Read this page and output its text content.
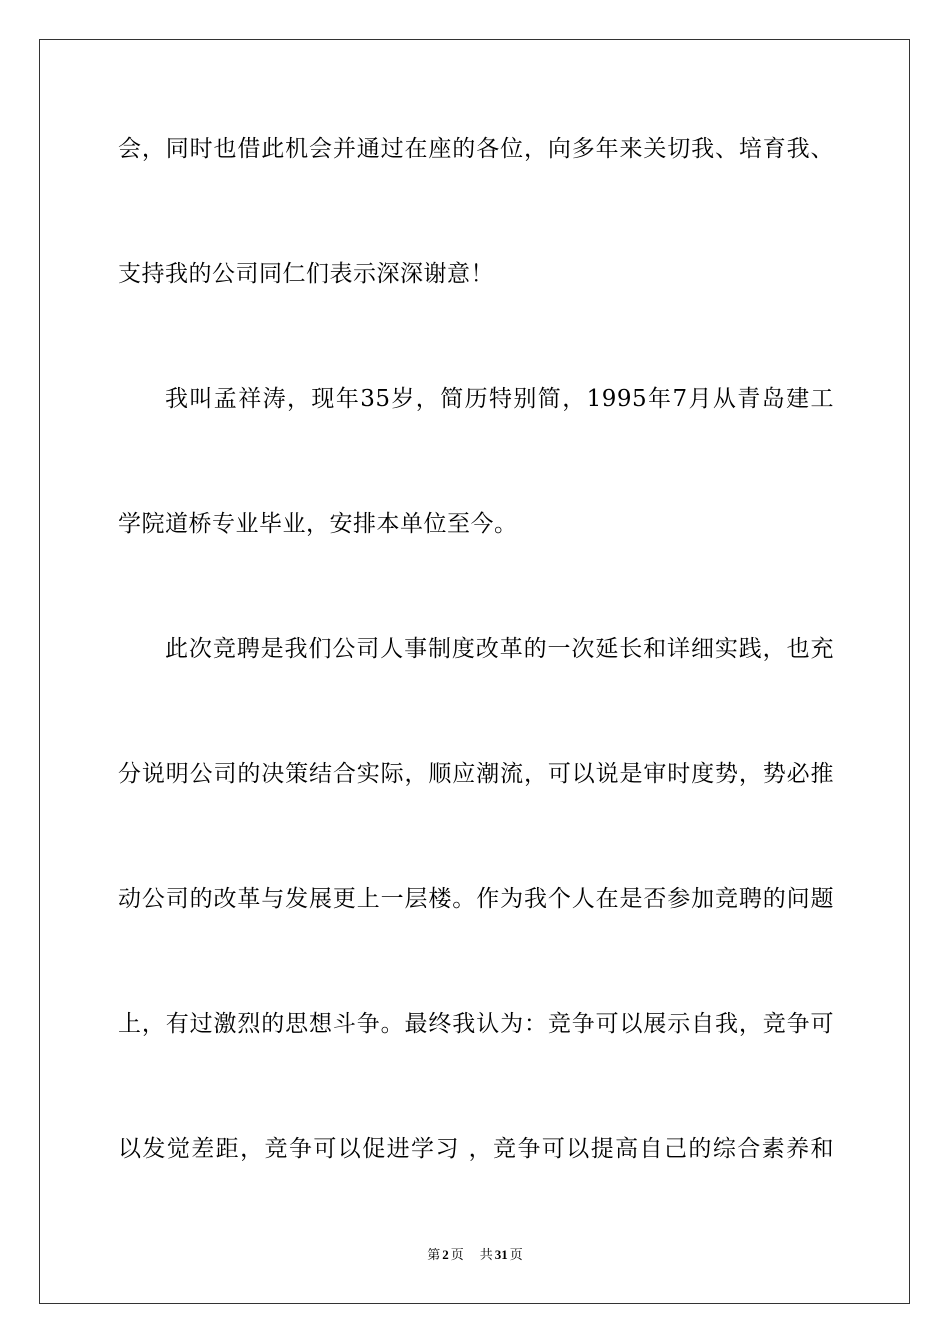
会，同时也借此机会并通过在座的各位，向多年来关切我、培育我、
支持我的公司同仁们表示深深谢意！
我叫孟祥涛，现年35岁，简历特别简，1995年7月从青岛建工
学院道桥专业毕业，安排本单位至今。
此次竞聘是我们公司人事制度改革的一次延长和详细实践，也充
分说明公司的决策结合实际，顺应潮流，可以说是审时度势，势必推
动公司的改革与发展更上一层楼。作为我个人在是否参加竞聘的问题
上，有过激烈的思想斗争。最终我认为：竞争可以展示自我，竞争可
以发觉差距，竞争可以促进学习 ，竞争可以提高自己的综合素养和
第 2 页 共 31 页
